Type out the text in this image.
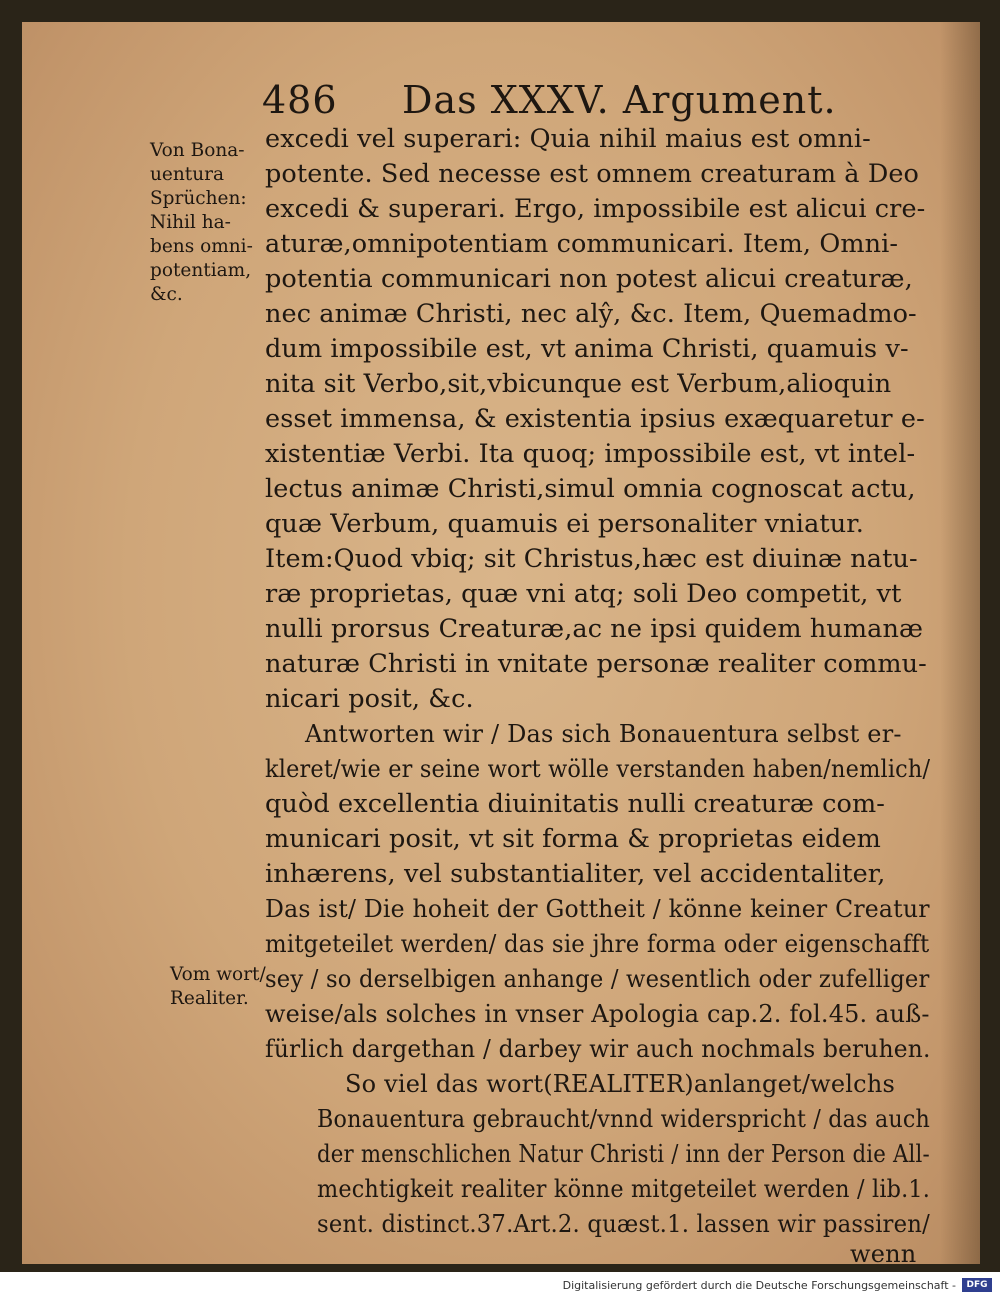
486 Das XXXV. Argument.
Von Bona-
uentura
Sprüchen:
Nihil ha-
bens omni-
potentiam,
&c.
Vom wort/
Realiter.
excedi vel superari: Quia nihil maius est omni-
potente. Sed necesse est omnem creaturam à Deo
excedi & superari. Ergo, impossibile est alicui cre-
aturæ,omnipotentiam communicari. Item, Omni-
potentia communicari non potest alicui creaturæ,
nec animæ Christi, nec alŷ, &c. Item, Quemadmo-
dum impossibile est, vt anima Christi, quamuis v-
nita sit Verbo,sit,vbicunque est Verbum,alioquin
esset immensa, & existentia ipsius exæquaretur e-
xistentiæ Verbi. Ita quoq; impossibile est, vt intel-
lectus animæ Christi,simul omnia cognoscat actu,
quæ Verbum, quamuis ei personaliter vniatur.
Item:Quod vbiq; sit Christus,hæc est diuinæ natu-
ræ proprietas, quæ vni atq; soli Deo competit, vt
nulli prorsus Creaturæ,ac ne ipsi quidem humanæ
naturæ Christi in vnitate personæ realiter commu-
nicari posit, &c.
Antworten wir / Das sich Bonauentura selbst er-
kleret/wie er seine wort wölle verstanden haben/nemlich/
quòd excellentia diuinitatis nulli creaturæ com-
municari posit, vt sit forma & proprietas eidem
inhærens, vel substantialiter, vel accidentaliter,
Das ist/ Die hoheit der Gottheit / könne keiner Creatur
mitgeteilet werden/ das sie jhre forma oder eigenschafft
sey / so derselbigen anhange / wesentlich oder zufelliger
weise/als solches in vnser Apologia cap.2. fol.45. auß-
fürlich dargethan / darbey wir auch nochmals beruhen.
So viel das wort(REALITER)anlanget/welchs
Bonauentura gebraucht/vnnd widerspricht / das auch
der menschlichen Natur Christi / inn der Person die All-
mechtigkeit realiter könne mitgeteilet werden / lib.1.
sent. distinct.37.Art.2. quæst.1. lassen wir passiren/
wenn
Digitalisierung gefördert durch die Deutsche Forschungsgemeinschaft -	DFG
